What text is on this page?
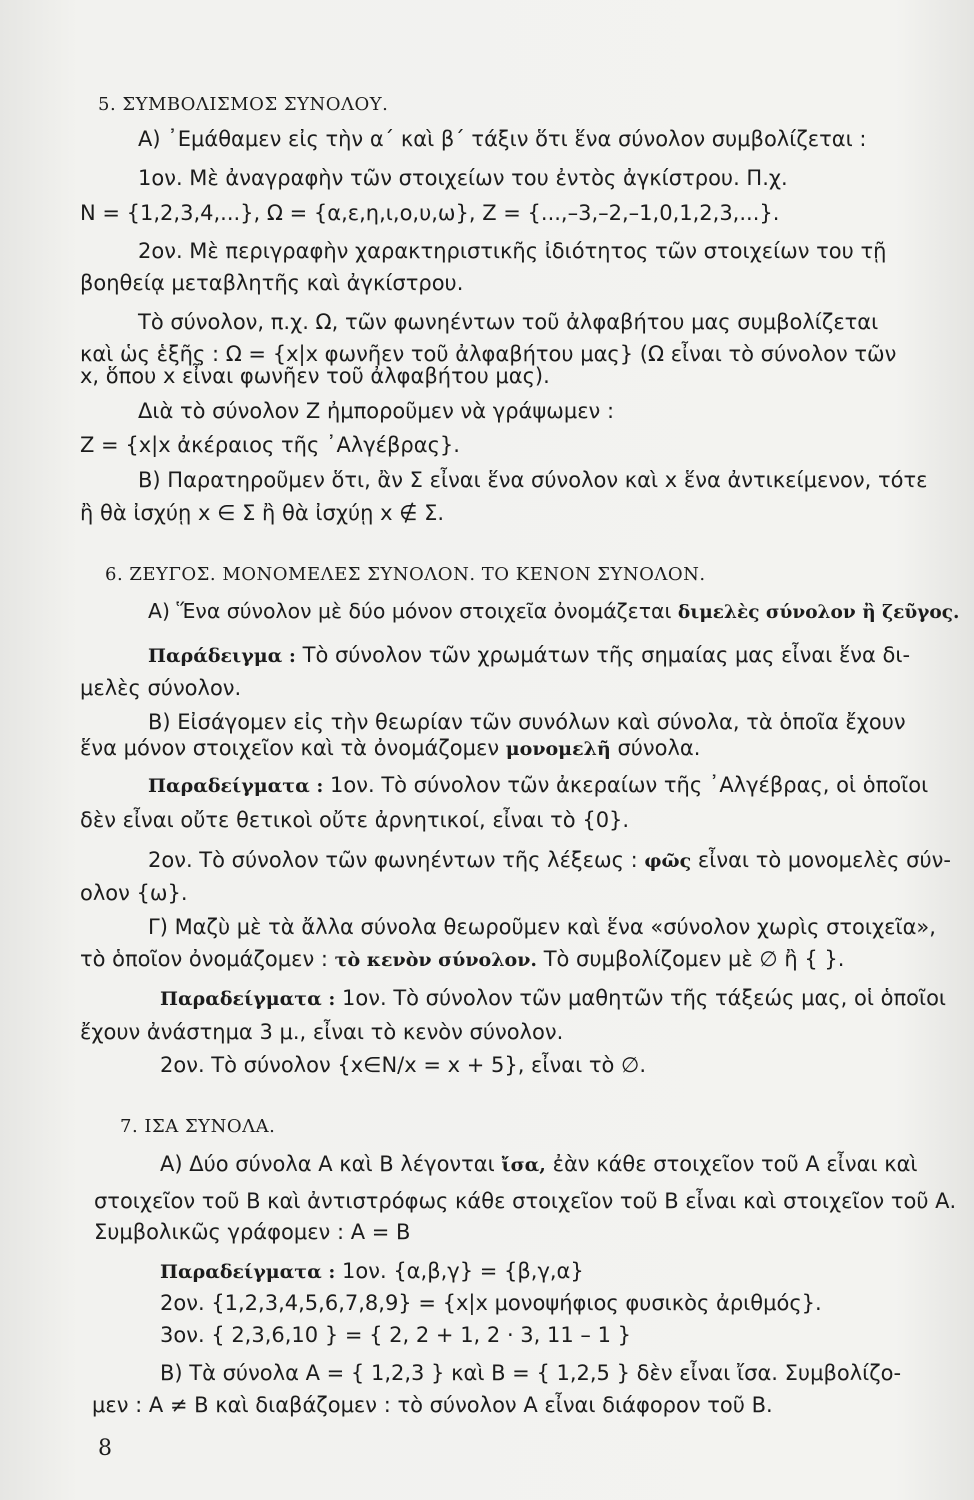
5. ΣΥΜΒΟΛΙΣΜΟΣ ΣΥΝΟΛΟΥ.
Α) ᾿Εμάθαμεν εἰς τὴν α΄ καὶ β΄ τάξιν ὅτι ἕνα σύνολον συμβολίζεται :
1ον. Μὲ ἀναγραφὴν τῶν στοιχείων του ἐντὸς ἀγκίστρου. Π.χ.
N = {1,2,3,4,...}, Ω = {α,ε,η,ι,ο,υ,ω}, Z = {...,–3,–2,–1,0,1,2,3,...}.
2ον. Μὲ περιγραφὴν χαρακτηριστικῆς ἰδιότητος τῶν στοιχείων του τῇ
βοηθείᾳ μεταβλητῆς καὶ ἀγκίστρου.
Τὸ σύνολον, π.χ. Ω, τῶν φωνηέντων τοῦ ἀλφαβήτου μας συμβολίζεται
καὶ ὡς ἑξῆς : Ω = {x|x φωνῆεν τοῦ ἀλφαβήτου μας} (Ω εἶναι τὸ σύνολον τῶν
x, ὅπου x εἶναι φωνῆεν τοῦ ἀλφαβήτου μας).
Διὰ τὸ σύνολον Z ἠμποροῦμεν νὰ γράψωμεν :
Z = {x|x ἀκέραιος τῆς ᾿Αλγέβρας}.
Β) Παρατηροῦμεν ὅτι, ἂν Σ εἶναι ἕνα σύνολον καὶ x ἕνα ἀντικείμενον, τότε
ἢ θὰ ἰσχύῃ x ∈ Σ ἢ θὰ ἰσχύῃ x ∉ Σ.
6. ΖΕΥΓΟΣ. ΜΟΝΟΜΕΛΕΣ ΣΥΝΟΛΟΝ. ΤΟ ΚΕΝΟΝ ΣΥΝΟΛΟΝ.
Α) Ἕνα σύνολον μὲ δύο μόνον στοιχεῖα ὀνομάζεται διμελὲς σύνολον ἢ ζεῦγος.
Παράδειγμα : Τὸ σύνολον τῶν χρωμάτων τῆς σημαίας μας εἶναι ἕνα δι-
μελὲς σύνολον.
Β) Εἰσάγομεν εἰς τὴν θεωρίαν τῶν συνόλων καὶ σύνολα, τὰ ὁποῖα ἔχουν
ἕνα μόνον στοιχεῖον καὶ τὰ ὀνομάζομεν μονομελῆ σύνολα.
Παραδείγματα : 1ον. Τὸ σύνολον τῶν ἀκεραίων τῆς ᾿Αλγέβρας, οἱ ὁποῖοι
δὲν εἶναι οὔτε θετικοὶ οὔτε ἀρνητικοί, εἶναι τὸ {0}.
2ον. Τὸ σύνολον τῶν φωνηέντων τῆς λέξεως : φῶς εἶναι τὸ μονομελὲς σύν-
ολον {ω}.
Γ) Μαζὺ μὲ τὰ ἄλλα σύνολα θεωροῦμεν καὶ ἕνα «σύνολον χωρὶς στοιχεῖα»,
τὸ ὁποῖον ὀνομάζομεν : τὸ κενὸν σύνολον. Τὸ συμβολίζομεν μὲ ∅ ἢ { }.
Παραδείγματα : 1ον. Τὸ σύνολον τῶν μαθητῶν τῆς τάξεώς μας, οἱ ὁποῖοι
ἔχουν ἀνάστημα 3 μ., εἶναι τὸ κενὸν σύνολον.
2ον. Τὸ σύνολον {x∈N/x = x + 5}, εἶναι τὸ ∅.
7. ΙΣΑ ΣΥΝΟΛΑ.
Α) Δύο σύνολα Α καὶ Β λέγονται ἴσα, ἐὰν κάθε στοιχεῖον τοῦ Α εἶναι καὶ
στοιχεῖον τοῦ Β καὶ ἀντιστρόφως κάθε στοιχεῖον τοῦ Β εἶναι καὶ στοιχεῖον τοῦ Α.
Συμβολικῶς γράφομεν : Α = Β
Παραδείγματα : 1ον. {α,β,γ} = {β,γ,α}
2ον. {1,2,3,4,5,6,7,8,9} = {x|x μονοψήφιος φυσικὸς ἀριθμός}.
3ον. { 2,3,6,10 } = { 2, 2 + 1, 2 · 3, 11 – 1 }
Β) Τὰ σύνολα Α = { 1,2,3 } καὶ Β = { 1,2,5 } δὲν εἶναι ἴσα. Συμβολίζο-
μεν : Α ≠ Β καὶ διαβάζομεν : τὸ σύνολον Α εἶναι διάφορον τοῦ Β.
8
